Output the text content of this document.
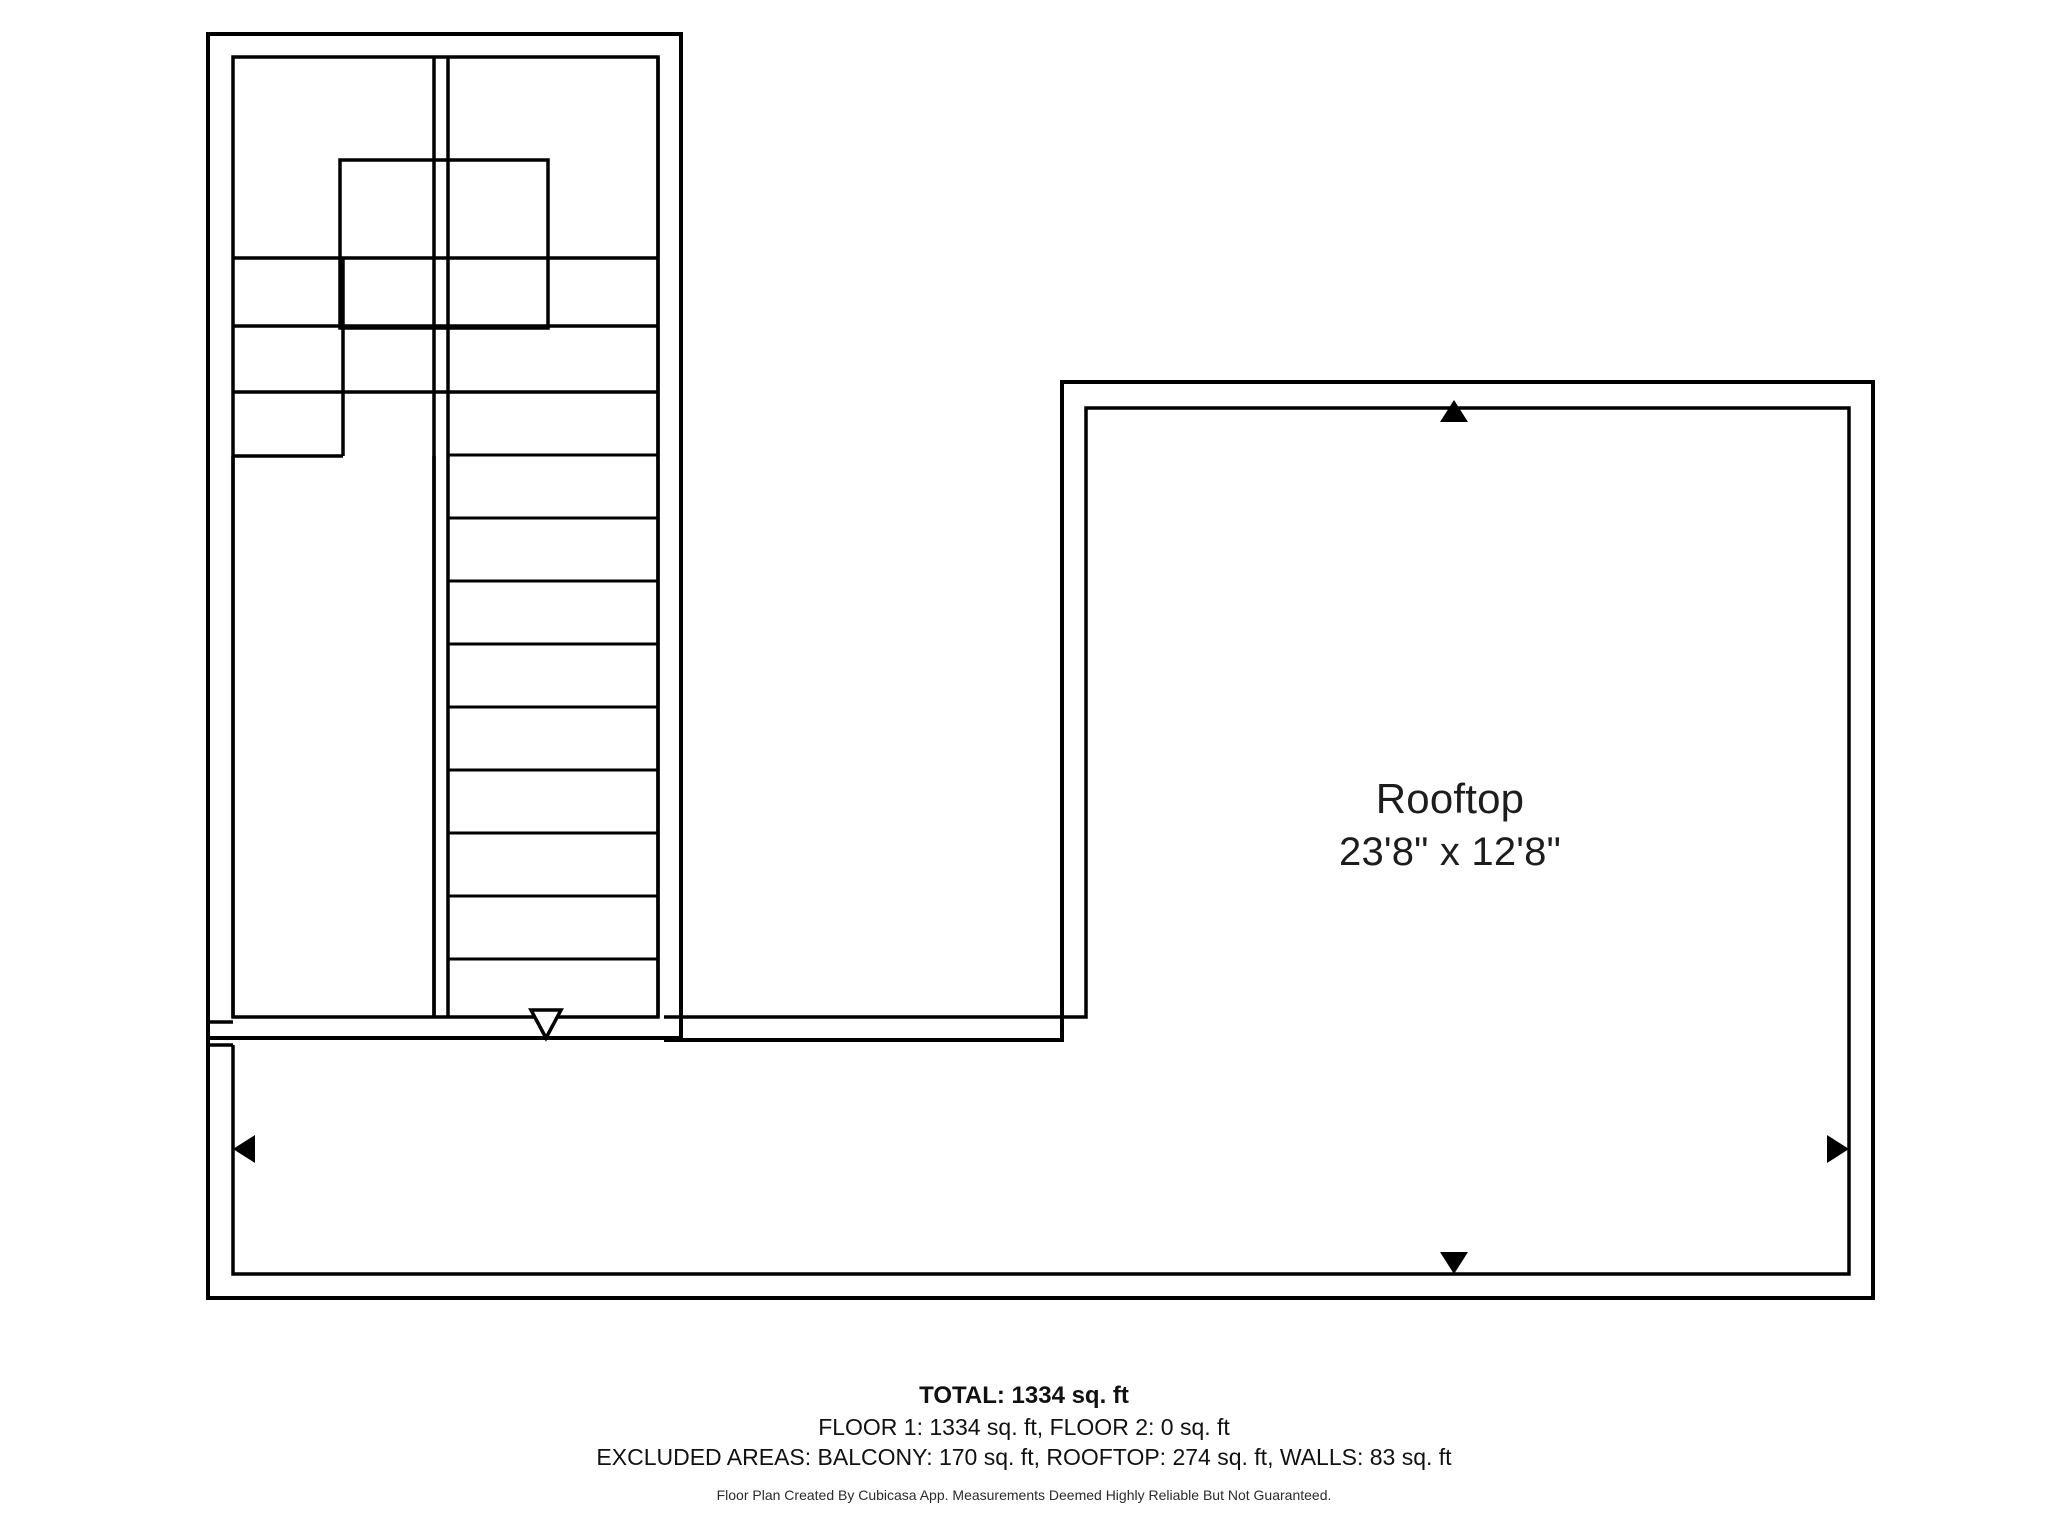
Rooftop
23'8" x 12'8"
TOTAL: 1334 sq. ft
FLOOR 1: 1334 sq. ft, FLOOR 2: 0 sq. ft
EXCLUDED AREAS: BALCONY: 170 sq. ft, ROOFTOP: 274 sq. ft, WALLS: 83 sq. ft
Floor Plan Created By Cubicasa App. Measurements Deemed Highly Reliable But Not Guaranteed.
